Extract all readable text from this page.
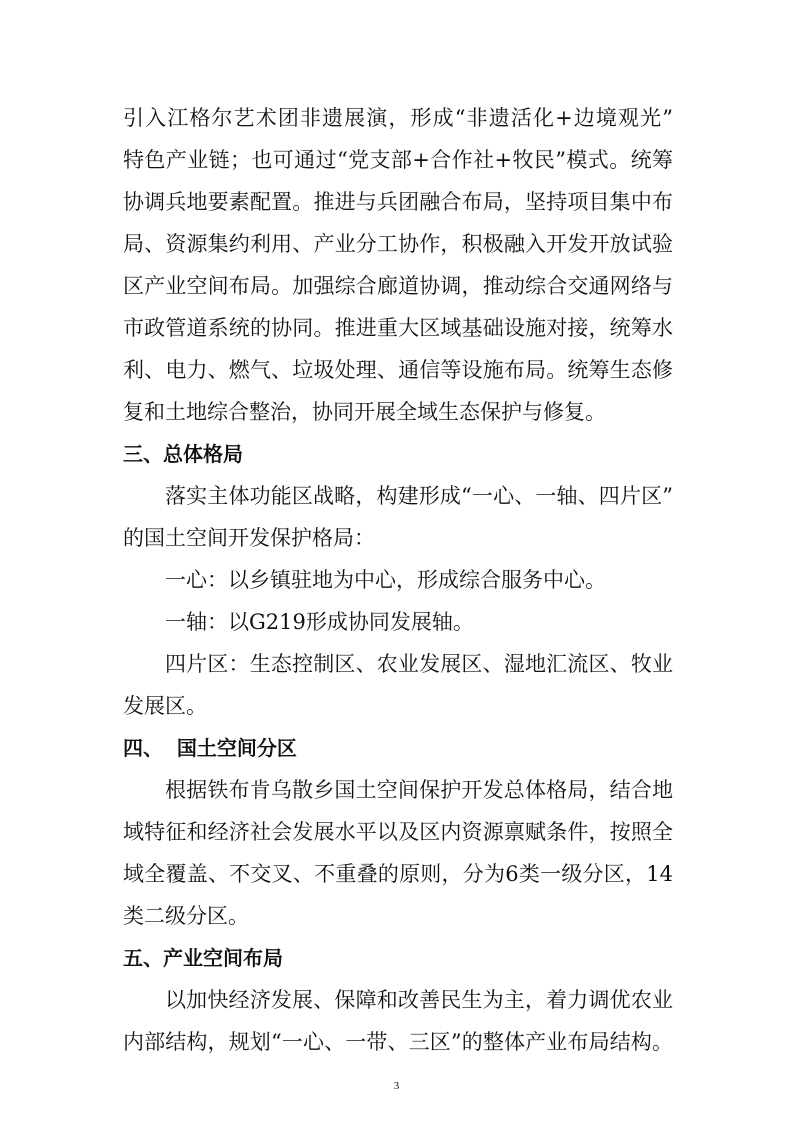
引入江格尔艺术团非遗展演，形成“非遗活化+边境观光”
特色产业链；也可通过“党支部+合作社+牧民”模式。统筹
协调兵地要素配置。推进与兵团融合布局，坚持项目集中布
局、资源集约利用、产业分工协作，积极融入开发开放试验
区产业空间布局。加强综合廊道协调，推动综合交通网络与
市政管道系统的协同。推进重大区域基础设施对接，统筹水
利、电力、燃气、垃圾处理、通信等设施布局。统筹生态修
复和土地综合整治，协同开展全域生态保护与修复。
三、总体格局
落实主体功能区战略，构建形成“一心、一轴、四片区”
的国土空间开发保护格局：
一心：以乡镇驻地为中心，形成综合服务中心。
一轴：以G219形成协同发展轴。
四片区：生态控制区、农业发展区、湿地汇流区、牧业
发展区。
四、  国土空间分区
根据铁布肯乌散乡国土空间保护开发总体格局，结合地
域特征和经济社会发展水平以及区内资源禀赋条件，按照全
域全覆盖、不交叉、不重叠的原则，分为6类一级分区，14
类二级分区。
五、产业空间布局
以加快经济发展、保障和改善民生为主，着力调优农业
内部结构，规划“一心、一带、三区”的整体产业布局结构。
3
